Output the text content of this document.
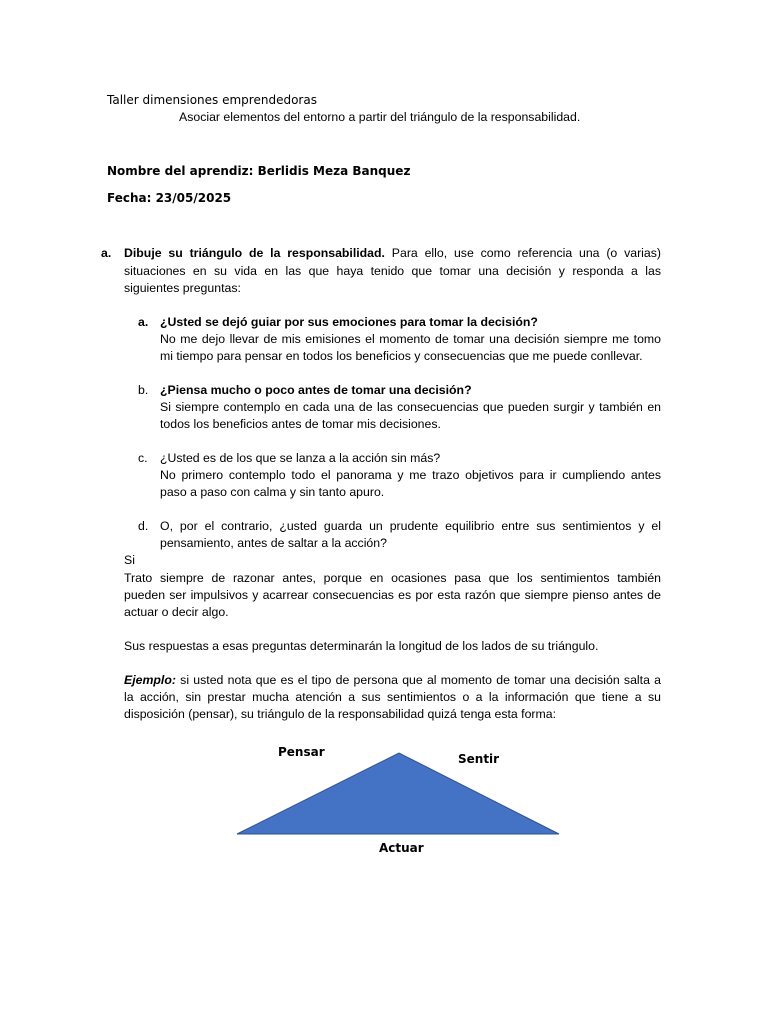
Taller dimensiones emprendedoras
Asociar elementos del entorno a partir del triángulo de la responsabilidad.
Nombre del aprendiz: Berlidis Meza Banquez
Fecha: 23/05/2025
a. Dibuje su triángulo de la responsabilidad. Para ello, use como referencia una (o varias)
situaciones en su vida en las que haya tenido que tomar una decisión y responda a las
siguientes preguntas:
a. ¿Usted se dejó guiar por sus emociones para tomar la decisión?
No me dejo llevar de mis emisiones el momento de tomar una decisión siempre me tomo
mi tiempo para pensar en todos los beneficios y consecuencias que me puede conllevar.
b. ¿Piensa mucho o poco antes de tomar una decisión?
Si siempre contemplo en cada una de las consecuencias que pueden surgir y también en
todos los beneficios antes de tomar mis decisiones.
c. ¿Usted es de los que se lanza a la acción sin más?
No primero contemplo todo el panorama y me trazo objetivos para ir cumpliendo antes
paso a paso con calma y sin tanto apuro.
d. O, por el contrario, ¿usted guarda un prudente equilibrio entre sus sentimientos y el
pensamiento, antes de saltar a la acción?
Si
Trato siempre de razonar antes, porque en ocasiones pasa que los sentimientos también
pueden ser impulsivos y acarrear consecuencias es por esta razón que siempre pienso antes de
actuar o decir algo.
Sus respuestas a esas preguntas determinarán la longitud de los lados de su triángulo.
Ejemplo: si usted nota que es el tipo de persona que al momento de tomar una decisión salta a
la acción, sin prestar mucha atención a sus sentimientos o a la información que tiene a su
disposición (pensar), su triángulo de la responsabilidad quizá tenga esta forma:
Pensar	Sentir
Actuar
